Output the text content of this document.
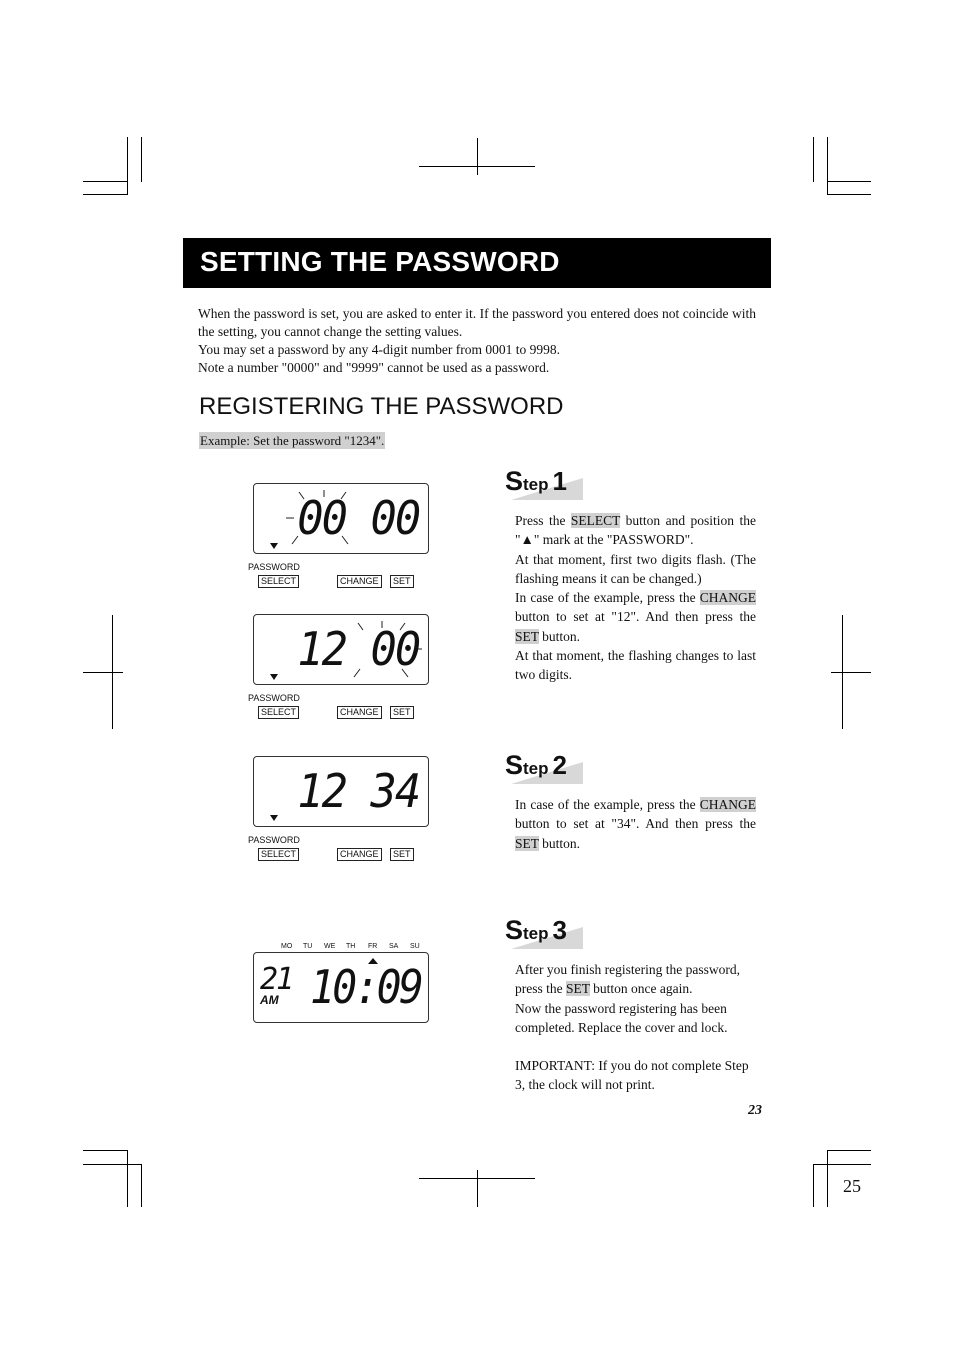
SETTING THE PASSWORD

When the password is set, you are asked to enter it. If the password you entered does not coincide with the setting, you cannot change the setting values.

You may set a password by any 4-digit number from 0001 to 9998.

Note a number "0000" and "9999" cannot be used as a password.

REGISTERING THE PASSWORD
Example: Set the password "1234".
Step 1
Step 2
Step 3

Press the SELECT button and position the "▲" mark at the "PASSWORD".

At that moment, first two digits flash. (The flashing means it can be changed.)

In case of the example, press the CHANGE button to set at "12". And then press the SET button.

At that moment, the flashing changes to last two digits.

In case of the example, press the CHANGE button to set at "34". And then press the SET button.

After you finish registering the password, press the SET button once again.

Now the password registering has been completed. Replace the cover and lock.

IMPORTANT: If you do not complete Step 3, the clock will not print.

00 00
PASSWORD
SELECT	CHANGE	SET
12 00
PASSWORD
SELECT	CHANGE	SET
12 34
PASSWORD
SELECT	CHANGE	SET
MO TU WE TH FR SA SU
21
AM 10:09
23
25
